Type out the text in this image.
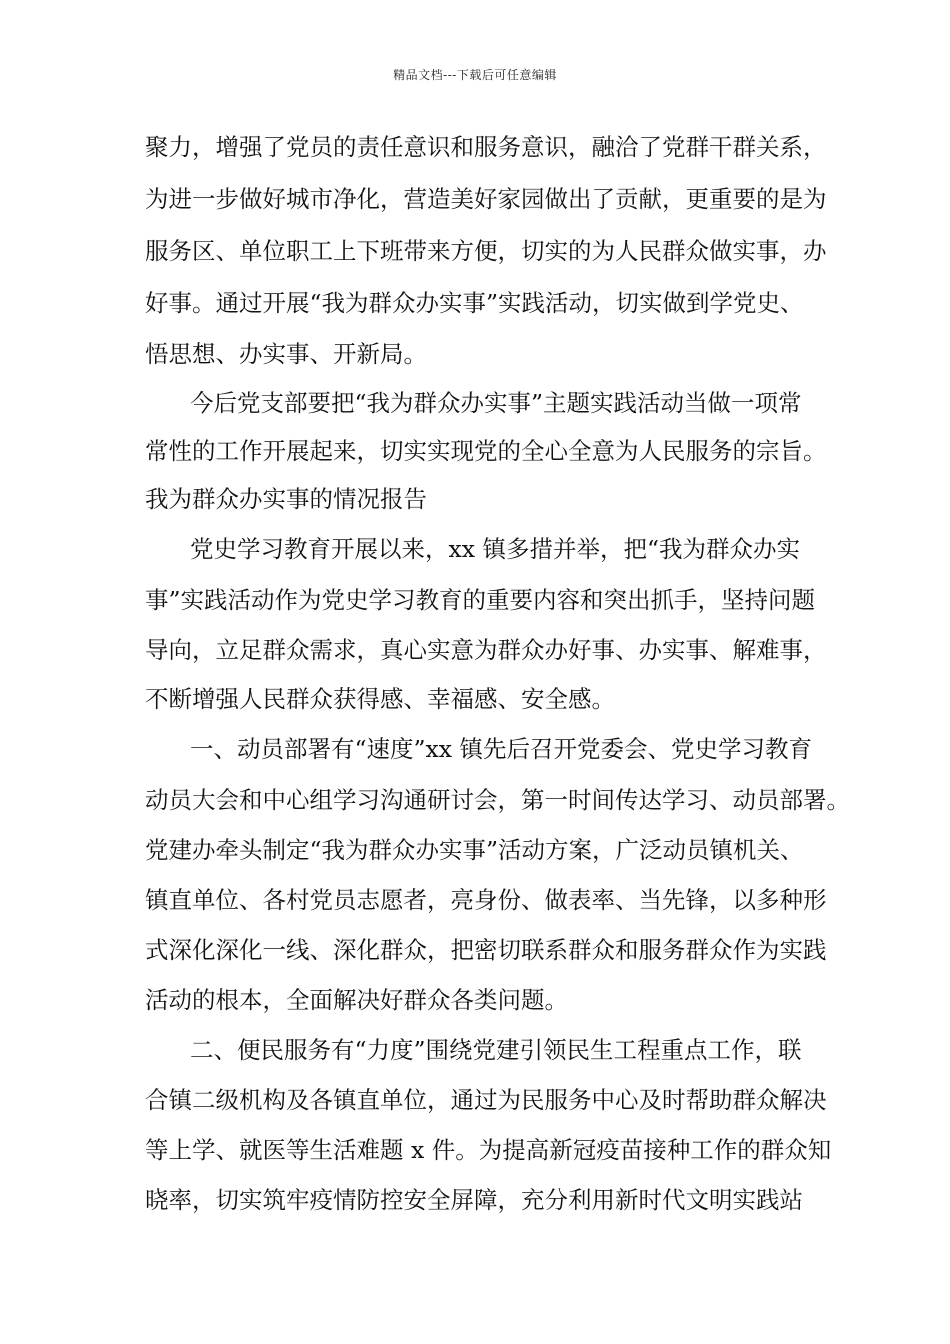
精品文档---下载后可任意编辑
聚力，增强了党员的责任意识和服务意识，融洽了党群干群关系，
为进一步做好城市净化，营造美好家园做出了贡献，更重要的是为
服务区、单位职工上下班带来方便，切实的为人民群众做实事，办
好事。通过开展“我为群众办实事”实践活动，切实做到学党史、
悟思想、办实事、开新局。
今后党支部要把“我为群众办实事”主题实践活动当做一项常
常性的工作开展起来，切实实现党的全心全意为人民服务的宗旨。
我为群众办实事的情况报告
党史学习教育开展以来，xx 镇多措并举，把“我为群众办实
事”实践活动作为党史学习教育的重要内容和突出抓手，坚持问题
导向，立足群众需求，真心实意为群众办好事、办实事、解难事，
不断增强人民群众获得感、幸福感、安全感。
一、动员部署有“速度”xx 镇先后召开党委会、党史学习教育
动员大会和中心组学习沟通研讨会，第一时间传达学习、动员部署。
党建办牵头制定“我为群众办实事”活动方案，广泛动员镇机关、
镇直单位、各村党员志愿者，亮身份、做表率、当先锋，以多种形
式深化深化一线、深化群众，把密切联系群众和服务群众作为实践
活动的根本，全面解决好群众各类问题。
二、便民服务有“力度”围绕党建引领民生工程重点工作，联
合镇二级机构及各镇直单位，通过为民服务中心及时帮助群众解决
等上学、就医等生活难题 x 件。为提高新冠疫苗接种工作的群众知
晓率，切实筑牢疫情防控安全屏障，充分利用新时代文明实践站
